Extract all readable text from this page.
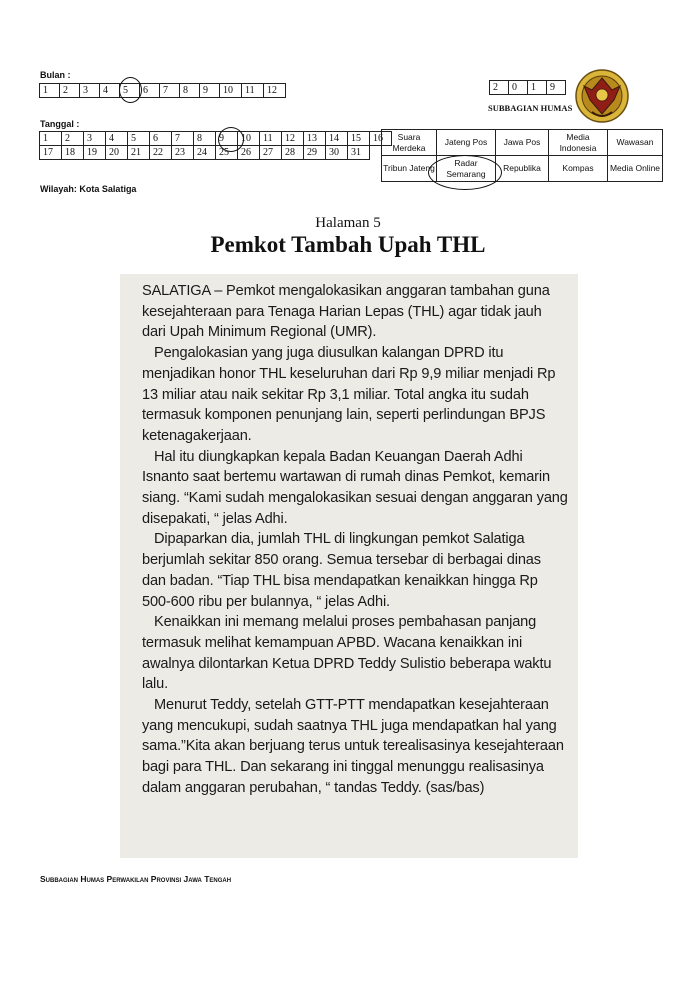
Bulan :
1	2	3	4	5	6	7	8	9	10	11	12
Tanggal :
1	2	3	4	5	6	7	8	9	10	11	12	13	14	15	16
17	18	19	20	21	22	23	24	25	26	27	28	29	30	31	
Wilayah: Kota Salatiga
2	0	1	9
SUBBAGIAN HUMAS
Suara Merdeka	Jateng Pos	Jawa Pos	Media Indonesia	Wawasan
Tribun Jateng	Radar Semarang	Republika	Kompas	Media Online
Halaman 5
Pemkot Tambah Upah THL

SALATIGA – Pemkot mengalokasikan anggaran tambahan guna kesejahteraan para Tenaga Harian Lepas (THL) agar tidak jauh dari Upah Minimum Regional (UMR).

Pengalokasian yang juga diusulkan kalangan DPRD itu menjadikan honor THL keseluruhan dari Rp 9,9 miliar menjadi Rp 13 miliar atau naik sekitar Rp 3,1 miliar. Total angka itu sudah termasuk komponen penunjang lain, seperti perlindungan BPJS ketenagakerjaan.

Hal itu diungkapkan kepala Badan Keuangan Daerah Adhi Isnanto saat bertemu wartawan di rumah dinas Pemkot, kemarin siang. “Kami sudah mengalokasikan sesuai dengan anggaran yang disepakati, “ jelas Adhi.

Dipaparkan dia, jumlah THL di lingkungan pemkot Salatiga berjumlah sekitar 850 orang. Semua tersebar di berbagai dinas dan badan. “Tiap THL bisa mendapatkan kenaikkan hingga Rp 500-600 ribu per bulannya, “ jelas Adhi.

Kenaikkan ini memang melalui proses pembahasan panjang termasuk melihat kemampuan APBD. Wacana kenaikkan ini awalnya dilontarkan Ketua DPRD Teddy Sulistio beberapa waktu lalu.

Menurut Teddy, setelah GTT-PTT mendapatkan kesejahteraan yang mencukupi, sudah saatnya THL juga mendapatkan hal yang sama.”Kita akan berjuang terus untuk terealisasinya kesejahteraan bagi para THL. Dan sekarang ini tinggal menunggu realisasinya dalam anggaran perubahan, “ tandas Teddy. (sas/bas)

Subbagian Humas Perwakilan Provinsi Jawa Tengah
